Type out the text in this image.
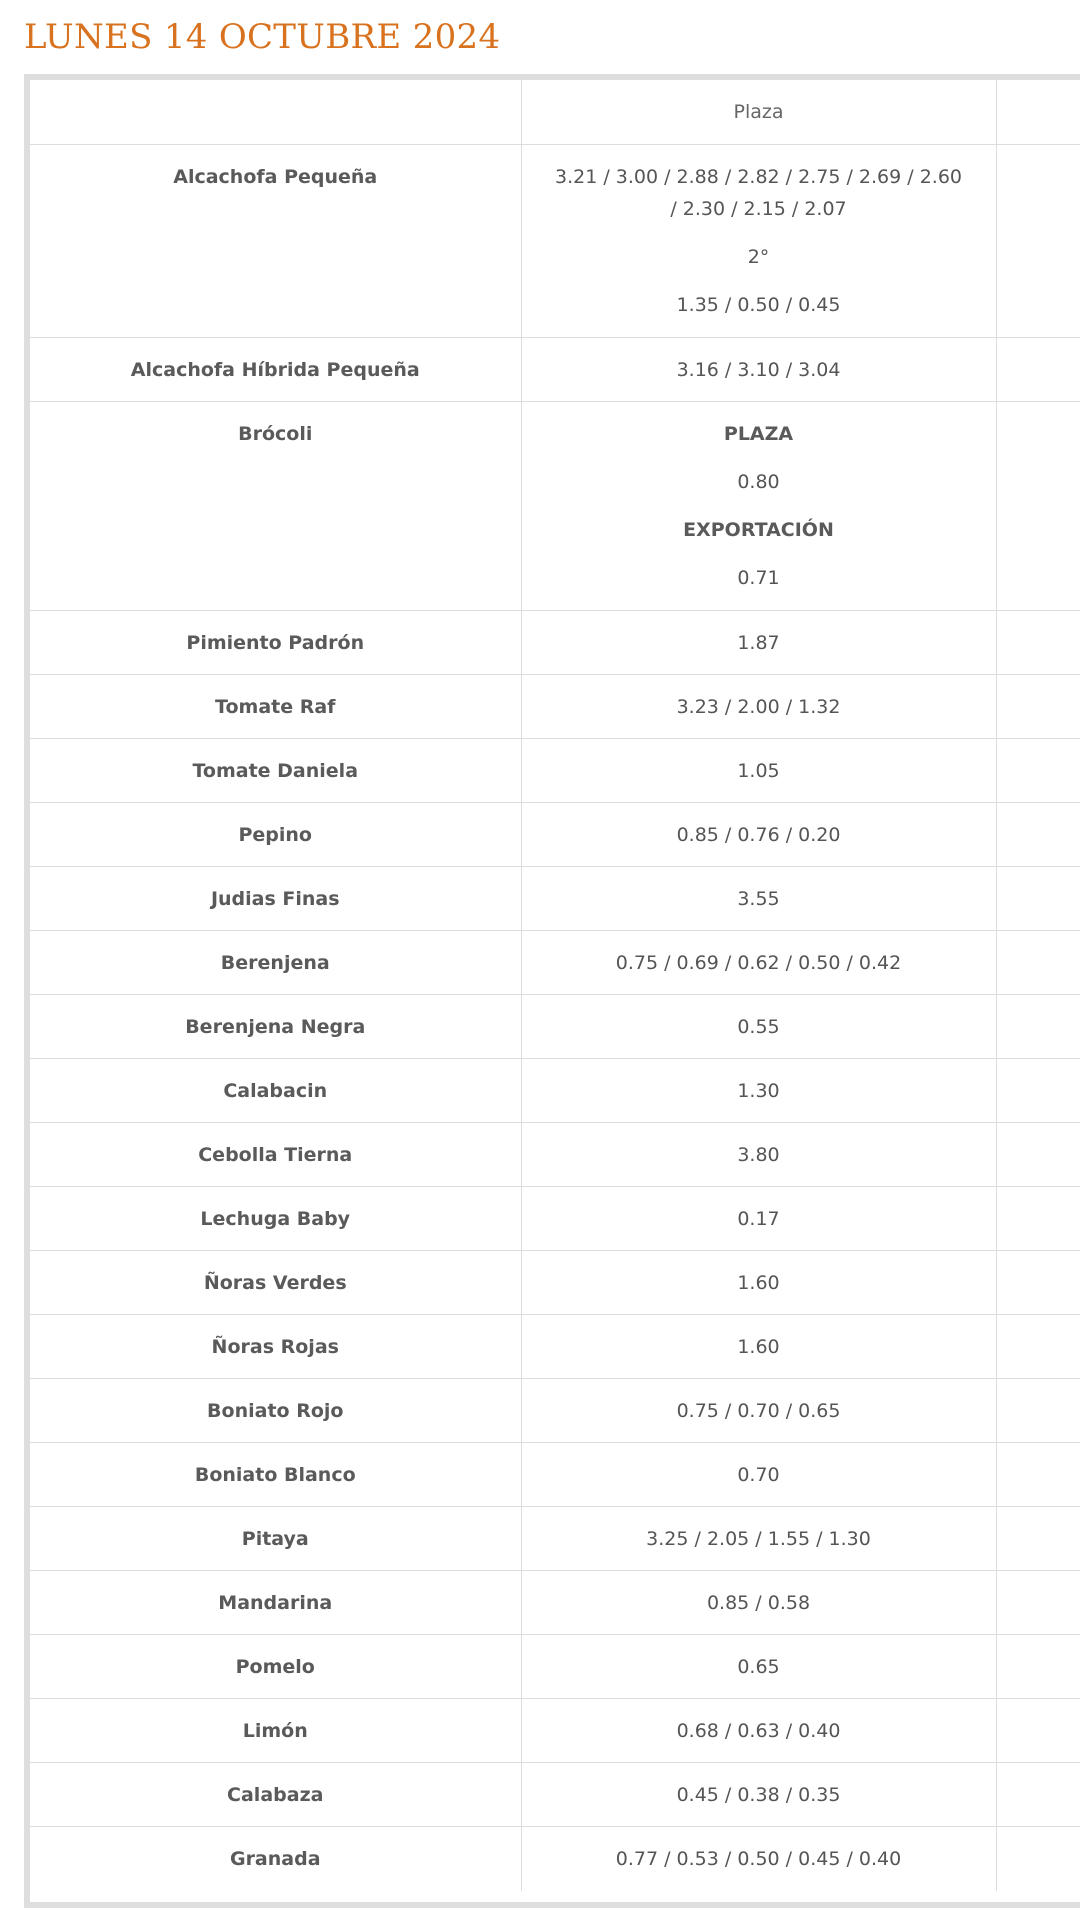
LUNES 14 OCTUBRE 2024
	Plaza	
Alcachofa Pequeña	3.21 / 3.00 / 2.88 / 2.82 / 2.75 / 2.69 / 2.60 / 2.30 / 2.15 / 2.07
2°
1.35 / 0.50 / 0.45	

Alcachofa Híbrida Pequeña	3.16 / 3.10 / 3.04	

Brócoli	PLAZA
0.80
EXPORTACIÓN
0.71	

Pimiento Padrón	1.87	

Tomate Raf	3.23 / 2.00 / 1.32	

Tomate Daniela	1.05	

Pepino	0.85 / 0.76 / 0.20	

Judias Finas	3.55	

Berenjena	0.75 / 0.69 / 0.62 / 0.50 / 0.42	

Berenjena Negra	0.55	

Calabacin	1.30	

Cebolla Tierna	3.80	

Lechuga Baby	0.17	

Ñoras Verdes	1.60	

Ñoras Rojas	1.60	

Boniato Rojo	0.75 / 0.70 / 0.65	

Boniato Blanco	0.70	

Pitaya	3.25 / 2.05 / 1.55 / 1.30	

Mandarina	0.85 / 0.58	

Pomelo	0.65	

Limón	0.68 / 0.63 / 0.40	

Calabaza	0.45 / 0.38 / 0.35	

Granada	0.77 / 0.53 / 0.50 / 0.45 / 0.40	
